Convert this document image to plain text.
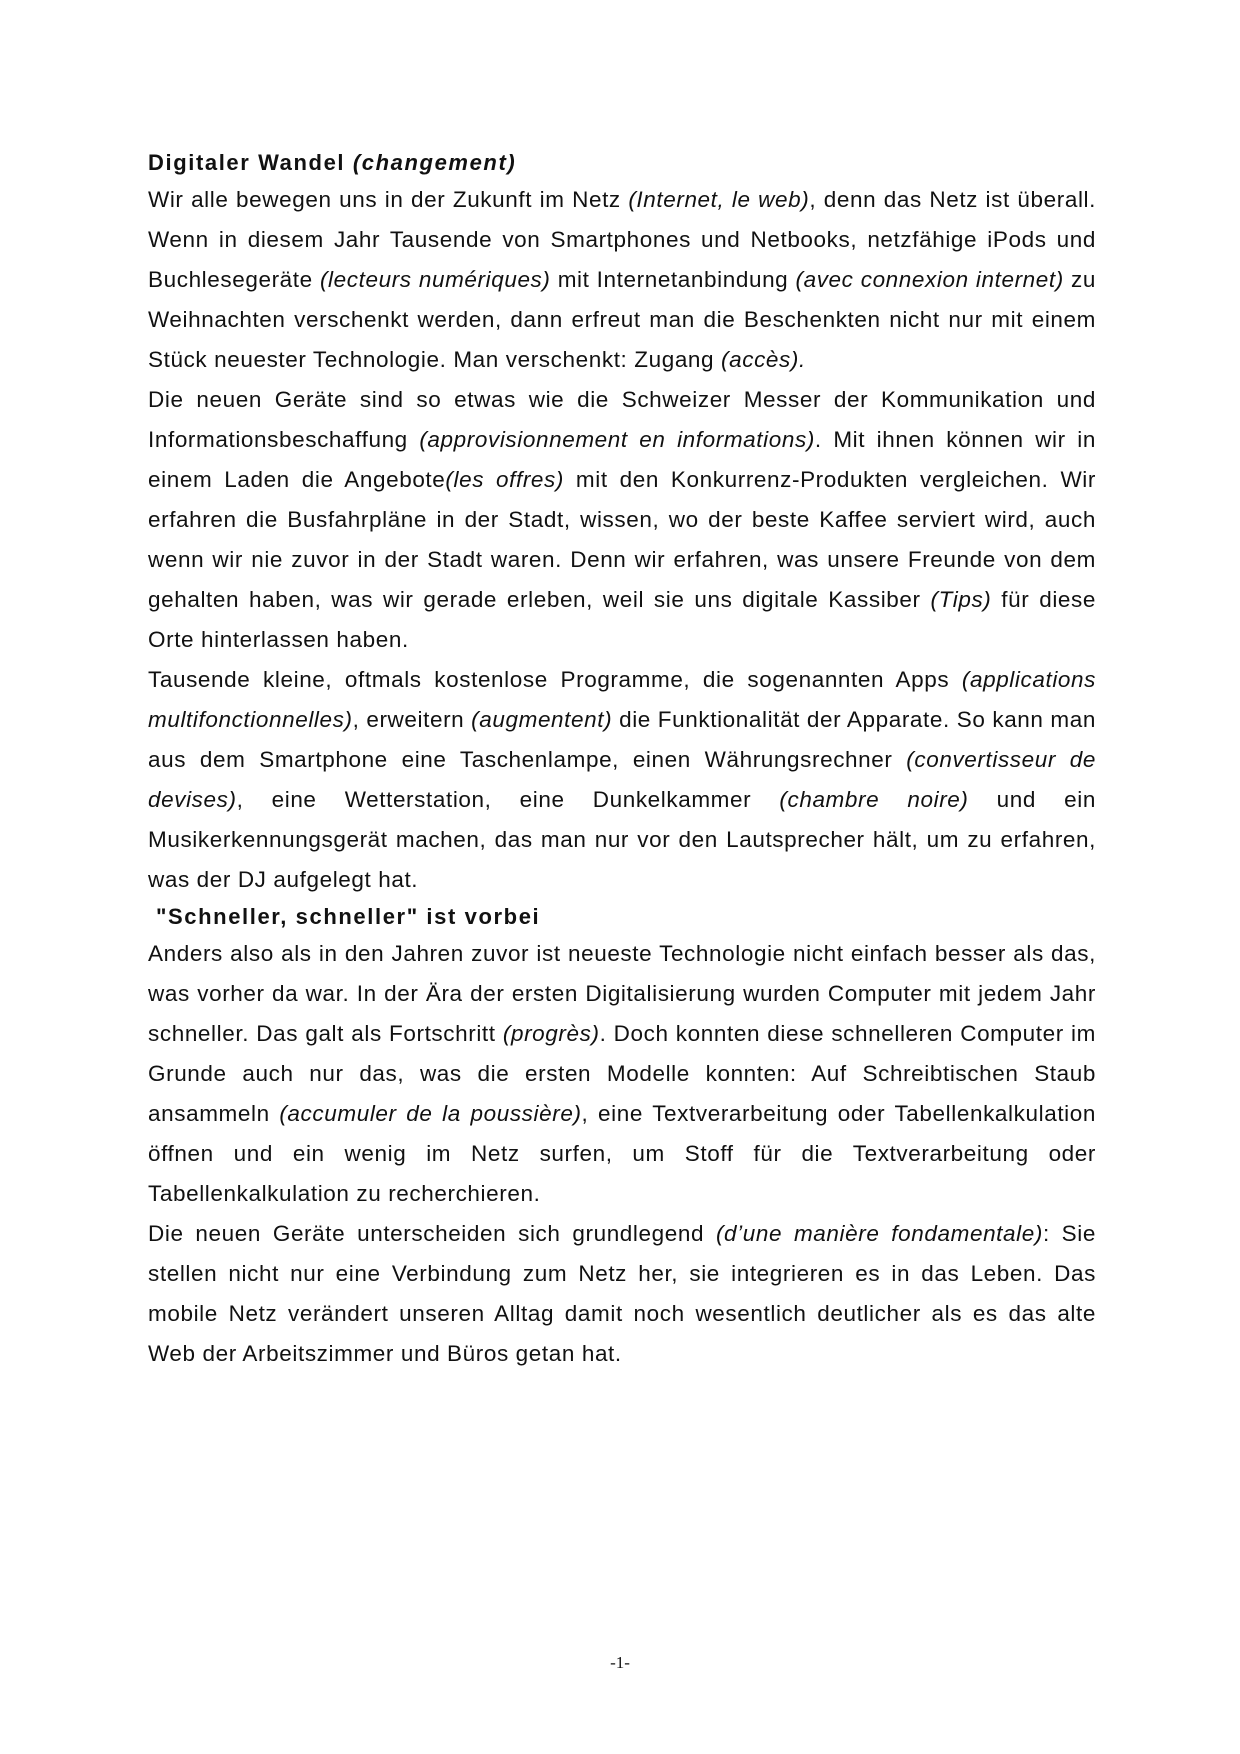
Digitaler Wandel (changement)

Wir alle bewegen uns in der Zukunft im Netz (Internet, le web), denn das Netz ist überall. Wenn in diesem Jahr Tausende von Smartphones und Netbooks, netzfähige iPods und Buchlesegeräte (lecteurs numériques) mit Internetanbindung (avec connexion internet) zu Weihnachten verschenkt werden, dann erfreut man die Beschenkten nicht nur mit einem Stück neuester Technologie. Man verschenkt: Zugang (accès).

Die neuen Geräte sind so etwas wie die Schweizer Messer der Kommunikation und Informationsbeschaffung (approvisionnement en informations). Mit ihnen können wir in einem Laden die Angebote(les offres) mit den Konkurrenz-Produkten vergleichen. Wir erfahren die Busfahrpläne in der Stadt, wissen, wo der beste Kaffee serviert wird, auch wenn wir nie zuvor in der Stadt waren. Denn wir erfahren, was unsere Freunde von dem gehalten haben, was wir gerade erleben, weil sie uns digitale Kassiber (Tips) für diese Orte hinterlassen haben.

Tausende kleine, oftmals kostenlose Programme, die sogenannten Apps (applications multifonctionnelles), erweitern (augmentent) die Funktionalität der Apparate. So kann man aus dem Smartphone eine Taschenlampe, einen Währungsrechner (convertisseur de devises), eine Wetterstation, eine Dunkelkammer (chambre noire) und ein Musikerkennungsgerät machen, das man nur vor den Lautsprecher hält, um zu erfahren, was der DJ aufgelegt hat.

"Schneller, schneller" ist vorbei

Anders also als in den Jahren zuvor ist neueste Technologie nicht einfach besser als das, was vorher da war. In der Ära der ersten Digitalisierung wurden Computer mit jedem Jahr schneller. Das galt als Fortschritt (progrès). Doch konnten diese schnelleren Computer im Grunde auch nur das, was die ersten Modelle konnten: Auf Schreibtischen Staub ansammeln (accumuler de la poussière), eine Textverarbeitung oder Tabellenkalkulation öffnen und ein wenig im Netz surfen, um Stoff für die Textverarbeitung oder Tabellenkalkulation zu recherchieren.

Die neuen Geräte unterscheiden sich grundlegend (d’une manière fondamentale): Sie stellen nicht nur eine Verbindung zum Netz her, sie integrieren es in das Leben. Das mobile Netz verändert unseren Alltag damit noch wesentlich deutlicher als es das alte Web der Arbeitszimmer und Büros getan hat.

-1-
